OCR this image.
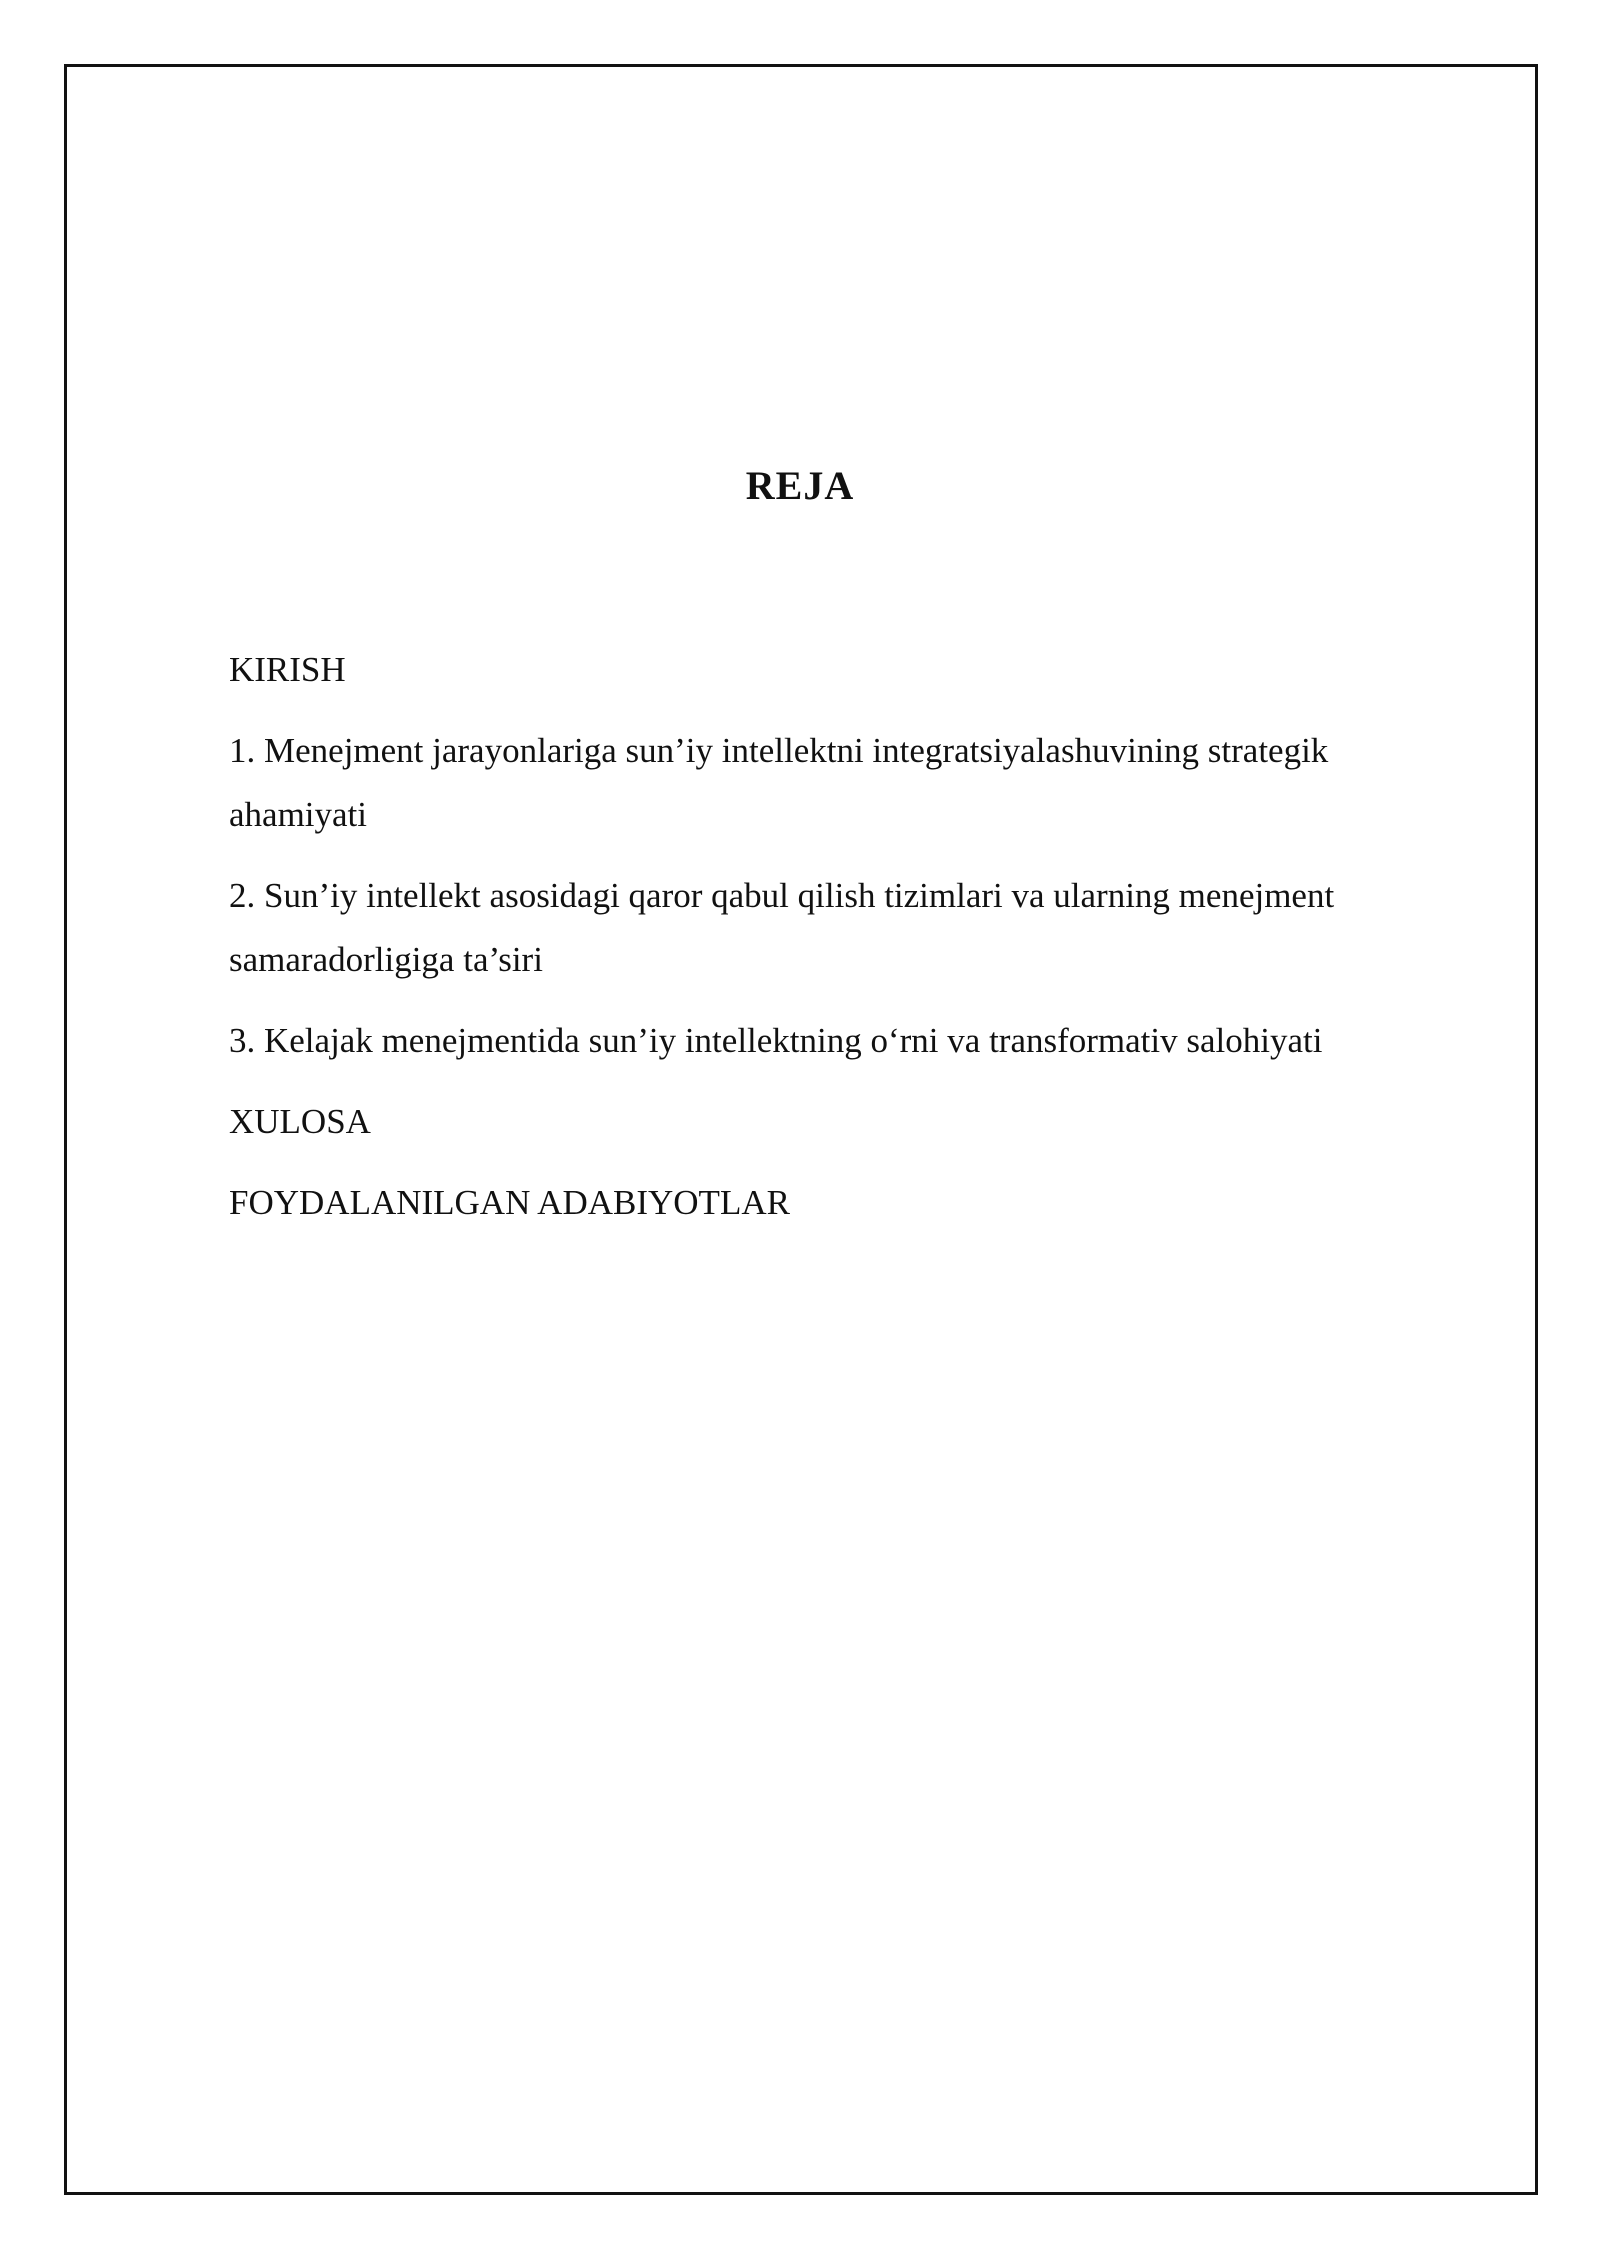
REJA
KIRISH
1. Menejment jarayonlariga sun’iy intellektni integratsiyalashuvining strategik ahamiyati
2. Sun’iy intellekt asosidagi qaror qabul qilish tizimlari va ularning menejment samaradorligiga ta’siri
3. Kelajak menejmentida sun’iy intellektning o‘rni va transformativ salohiyati
XULOSA
FOYDALANILGAN ADABIYOTLAR
